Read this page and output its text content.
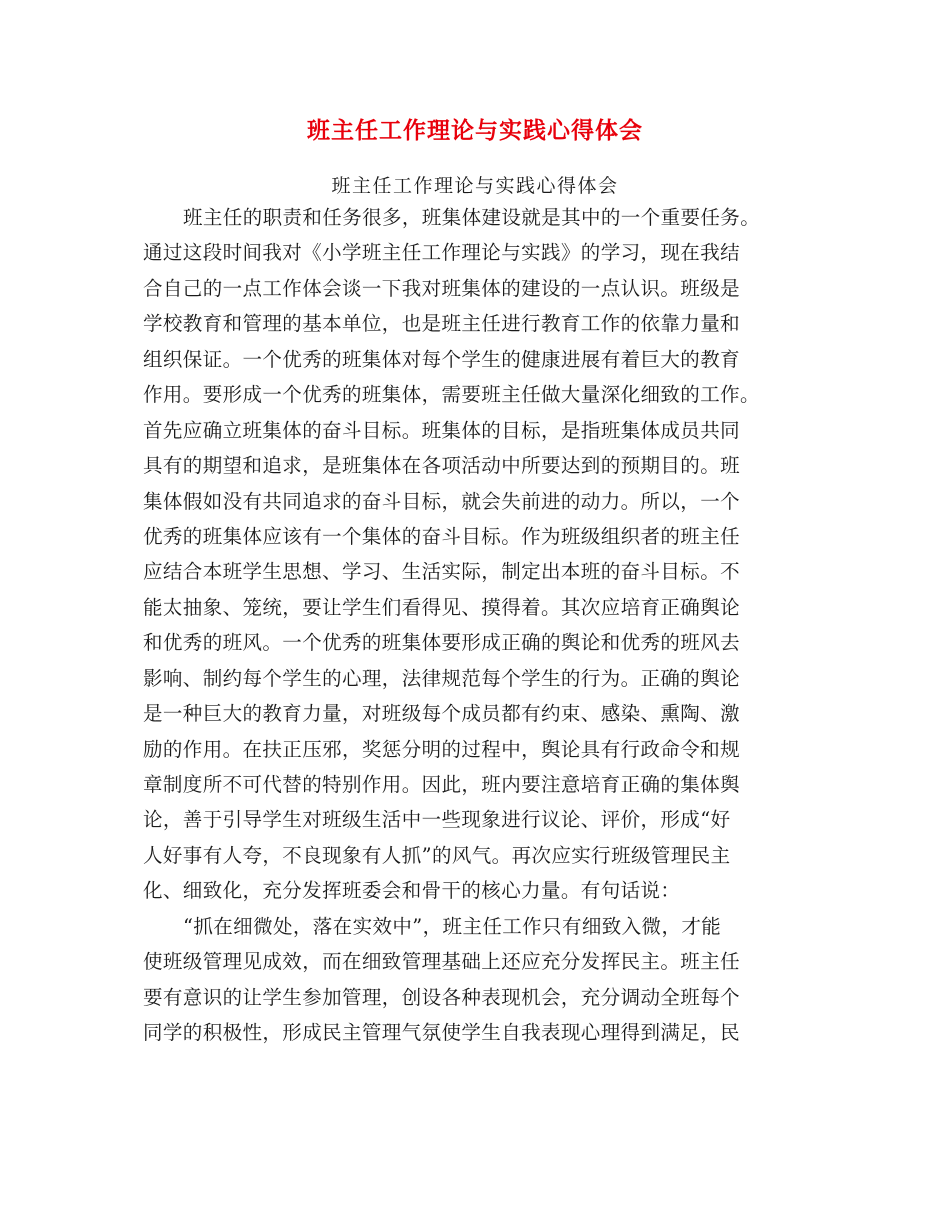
班主任工作理论与实践心得体会
班主任工作理论与实践心得体会
班主任的职责和任务很多，班集体建设就是其中的一个重要任务。
通过这段时间我对《小学班主任工作理论与实践》的学习，现在我结
合自己的一点工作体会谈一下我对班集体的建设的一点认识。班级是
学校教育和管理的基本单位，也是班主任进行教育工作的依靠力量和
组织保证。一个优秀的班集体对每个学生的健康进展有着巨大的教育
作用。要形成一个优秀的班集体，需要班主任做大量深化细致的工作。
首先应确立班集体的奋斗目标。班集体的目标，是指班集体成员共同
具有的期望和追求，是班集体在各项活动中所要达到的预期目的。班
集体假如没有共同追求的奋斗目标，就会失前进的动力。所以，一个
优秀的班集体应该有一个集体的奋斗目标。作为班级组织者的班主任
应结合本班学生思想、学习、生活实际，制定出本班的奋斗目标。不
能太抽象、笼统，要让学生们看得见、摸得着。其次应培育正确舆论
和优秀的班风。一个优秀的班集体要形成正确的舆论和优秀的班风去
影响、制约每个学生的心理，法律规范每个学生的行为。正确的舆论
是一种巨大的教育力量，对班级每个成员都有约束、感染、熏陶、激
励的作用。在扶正压邪，奖惩分明的过程中，舆论具有行政命令和规
章制度所不可代替的特别作用。因此，班内要注意培育正确的集体舆
论，善于引导学生对班级生活中一些现象进行议论、评价，形成“好
人好事有人夸，不良现象有人抓”的风气。再次应实行班级管理民主
化、细致化，充分发挥班委会和骨干的核心力量。有句话说：
“抓在细微处，落在实效中”，班主任工作只有细致入微，才能
使班级管理见成效，而在细致管理基础上还应充分发挥民主。班主任
要有意识的让学生参加管理，创设各种表现机会，充分调动全班每个
同学的积极性，形成民主管理气氛使学生自我表现心理得到满足，民
